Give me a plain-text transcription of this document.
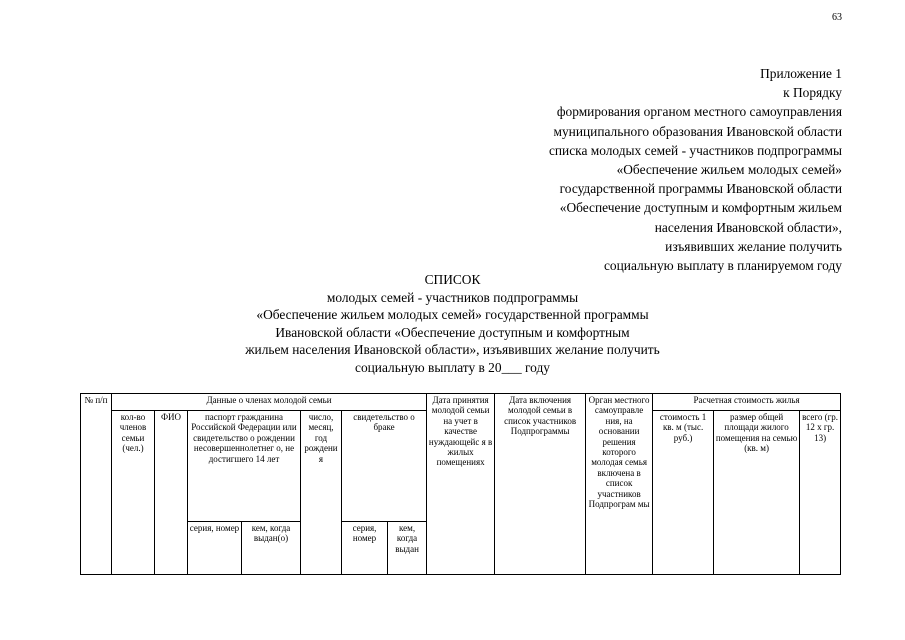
63
Приложение 1
к Порядку
формирования органом местного самоуправления
муниципального образования Ивановской области
списка молодых семей - участников подпрограммы
«Обеспечение жильем молодых семей»
государственной программы Ивановской области
«Обеспечение доступным и комфортным жильем
населения Ивановской области»,
изъявивших желание получить
социальную выплату в планируемом году
СПИСОК
молодых семей - участников подпрограммы
«Обеспечение жильем молодых семей» государственной программы
Ивановской области «Обеспечение доступным и комфортным
жильем населения Ивановской области», изъявивших желание получить
социальную выплату в 20___ году
№ п/п	Данные о членах молодой семьи							Дата принятия молодой семьи на учет в качестве нуждающейс я в жилых помещениях	Дата включения молодой семьи в список участников Подпрограммы	Орган местного самоуправле ния, на основании решения которого молодая семья включена в список участников Подпрограм мы	Расчетная стоимость жилья		
	кол-во членов семьи (чел.)	ФИО	паспорт гражданина Российской Федерации или свидетельство о рождении несовершеннолетнег о, не достигшего 14 лет		число, месяц, год рождени я	свидетельство о браке					стоимость 1 кв. м (тыс. руб.)	размер общей площади жилого помещения на семью (кв. м)	всего (гр. 12 х гр. 13)
			серия, номер	кем, когда выдан(о)		серия, номер	кем, когда выдан						
